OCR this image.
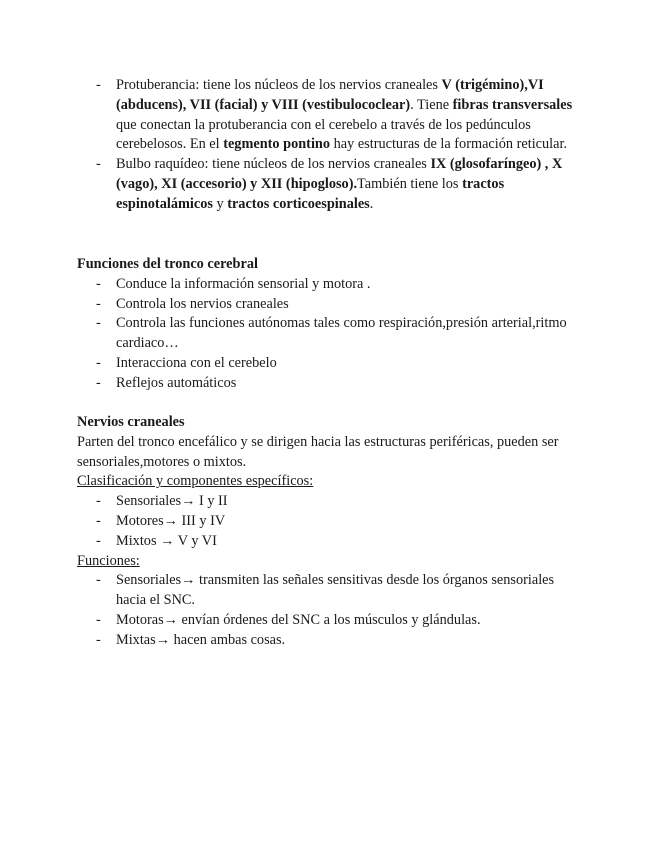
- Protuberancia: tiene los núcleos de los nervios craneales V (trigémino),VI (abducens), VII (facial) y VIII (vestibulococlear). Tiene fibras transversales que conectan la protuberancia con el cerebelo a través de los pedúnculos cerebelosos. En el tegmento pontino hay estructuras de la formación reticular.
- Bulbo raquídeo: tiene núcleos de los nervios craneales IX (glosofaríngeo) , X (vago), XI (accesorio) y XII (hipogloso).También tiene los tractos espinotalámicos y tractos corticoespinales.

Funciones del tronco cerebral

- Conduce la información sensorial y motora .
- Controla los nervios craneales
- Controla las funciones autónomas tales como respiración,presión arterial,ritmo cardiaco…
- Interacciona con el cerebelo
- Reflejos automáticos

Nervios craneales

Parten del tronco encefálico y se dirigen hacia las estructuras periféricas, pueden ser sensoriales,motores o mixtos.

Clasificación y componentes específicos:

- Sensoriales→ I y II
- Motores→ III y IV
- Mixtos → V y VI

Funciones:

- Sensoriales→ transmiten las señales sensitivas desde los órganos sensoriales hacia el SNC.
- Motoras→ envían órdenes del SNC a los músculos y glándulas.
- Mixtas→ hacen ambas cosas.
